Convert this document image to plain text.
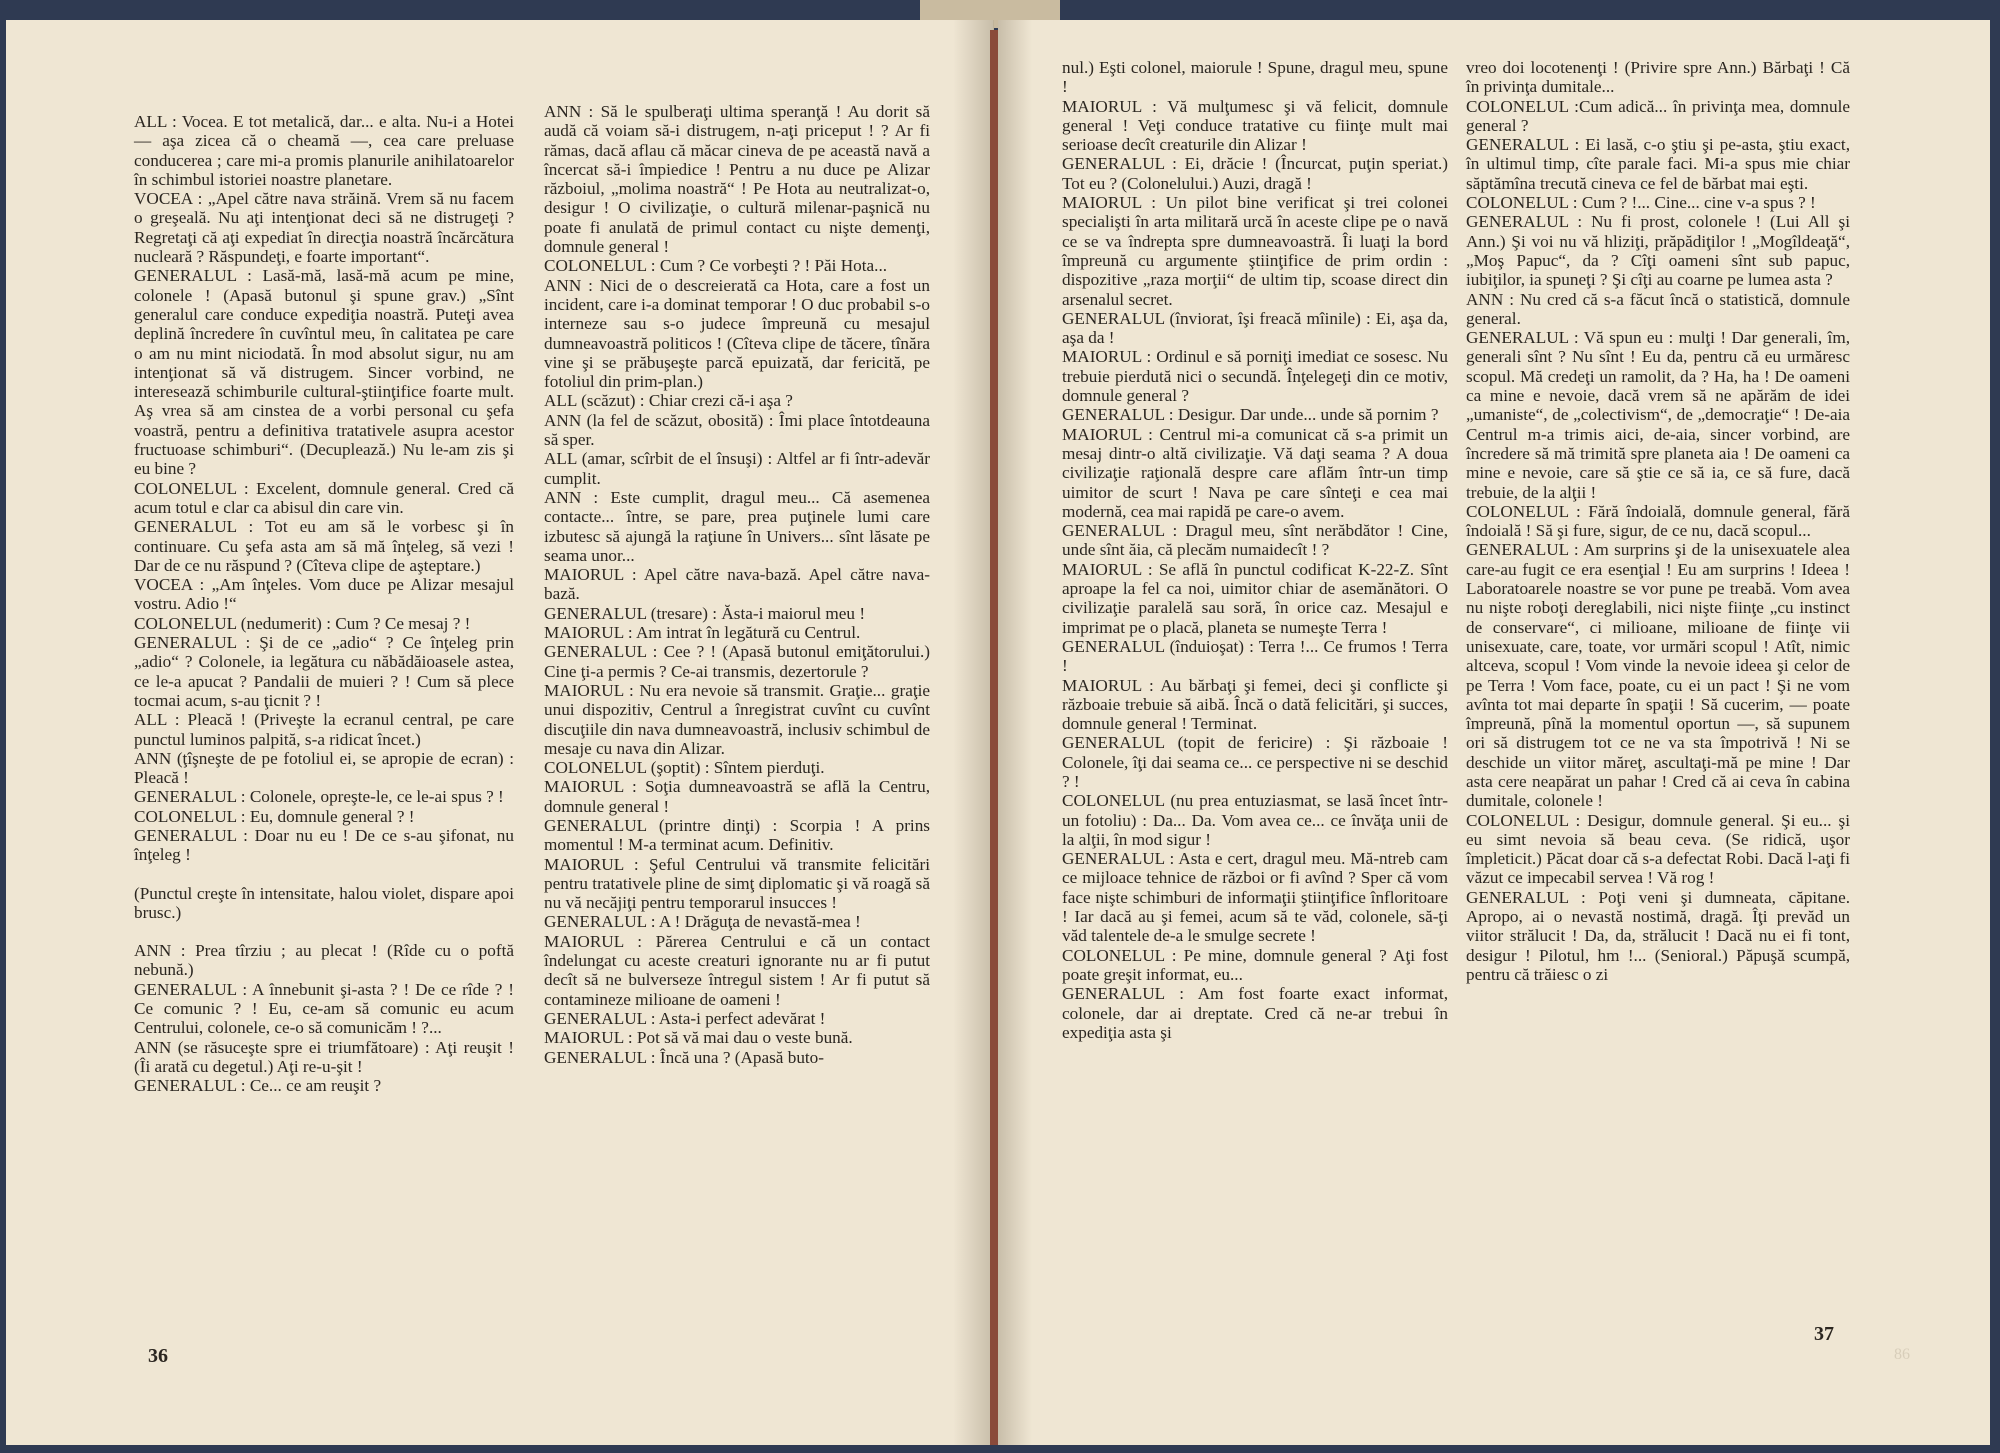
ALL : Vocea. E tot metalică, dar... e alta. Nu-i a Hotei — aşa zicea că o cheamă —, cea care preluase conducerea ; care mi-a promis planurile anihilatoarelor în schimbul istoriei noastre planetare.

VOCEA : „Apel către nava străină. Vrem să nu facem o greşeală. Nu aţi intenţionat deci să ne distrugeţi ? Regretaţi că aţi expediat în direcţia noastră încărcătura nucleară ? Răspundeţi, e foarte important“.

GENERALUL : Lasă-mă, lasă-mă acum pe mine, colonele ! (Apasă butonul şi spune grav.) „Sînt generalul care conduce expediţia noastră. Puteţi avea deplină încredere în cuvîntul meu, în calitatea pe care o am nu mint niciodată. În mod absolut sigur, nu am intenţionat să vă distrugem. Sincer vorbind, ne interesează schimburile cultural-ştiinţifice foarte mult. Aş vrea să am cinstea de a vorbi personal cu şefa voastră, pentru a definitiva tratativele asupra acestor fructuoase schimburi“. (Decuplează.) Nu le-am zis şi eu bine ?

COLONELUL : Excelent, domnule general. Cred că acum totul e clar ca abisul din care vin.

GENERALUL : Tot eu am să le vorbesc şi în continuare. Cu şefa asta am să mă înţeleg, să vezi ! Dar de ce nu răspund ? (Cîteva clipe de aşteptare.)

VOCEA : „Am înţeles. Vom duce pe Alizar mesajul vostru. Adio !“

COLONELUL (nedumerit) : Cum ? Ce mesaj ? !

GENERALUL : Şi de ce „adio“ ? Ce înţeleg prin „adio“ ? Colonele, ia legătura cu năbădăioasele astea, ce le-a apucat ? Pandalii de muieri ? ! Cum să plece tocmai acum, s-au ţicnit ? !

ALL : Pleacă ! (Priveşte la ecranul central, pe care punctul luminos palpită, s-a ridicat încet.)

ANN (ţîşneşte de pe fotoliul ei, se apropie de ecran) : Pleacă !

GENERALUL : Colonele, opreşte-le, ce le-ai spus ? !

COLONELUL : Eu, domnule general ? !

GENERALUL : Doar nu eu ! De ce s-au şifonat, nu înţeleg !

(Punctul creşte în intensitate, halou violet, dispare apoi brusc.)

ANN : Prea tîrziu ; au plecat ! (Rîde cu o poftă nebună.)

GENERALUL : A înnebunit şi-asta ? ! De ce rîde ? ! Ce comunic ? ! Eu, ce-am să comunic eu acum Centrului, colonele, ce-o să comunicăm ! ?...

ANN (se răsuceşte spre ei triumfătoare) : Aţi reuşit ! (Îi arată cu degetul.) Aţi re-u-şit !

GENERALUL : Ce... ce am reuşit ?

ANN : Să le spulberaţi ultima speranţă ! Au dorit să audă că voiam să-i distrugem, n-aţi priceput ! ? Ar fi rămas, dacă aflau că măcar cineva de pe această navă a încercat să-i împiedice ! Pentru a nu duce pe Alizar războiul, „molima noastră“ ! Pe Hota au neutralizat-o, desigur ! O civilizaţie, o cultură milenar-paşnică nu poate fi anulată de primul contact cu nişte demenţi, domnule general !

COLONELUL : Cum ? Ce vorbeşti ? ! Păi Hota...

ANN : Nici de o descreierată ca Hota, care a fost un incident, care i-a dominat temporar ! O duc probabil s-o interneze sau s-o judece împreună cu mesajul dumneavoastră politicos ! (Cîteva clipe de tăcere, tînăra vine şi se prăbuşeşte parcă epuizată, dar fericită, pe fotoliul din prim-plan.)

ALL (scăzut) : Chiar crezi că-i aşa ?

ANN (la fel de scăzut, obosită) : Îmi place întotdeauna să sper.

ALL (amar, scîrbit de el însuşi) : Altfel ar fi într-adevăr cumplit.

ANN : Este cumplit, dragul meu... Că asemenea contacte... între, se pare, prea puţinele lumi care izbutesc să ajungă la raţiune în Univers... sînt lăsate pe seama unor...

MAIORUL : Apel către nava-bază. Apel către nava-bază.

GENERALUL (tresare) : Ăsta-i maiorul meu !

MAIORUL : Am intrat în legătură cu Centrul.

GENERALUL : Cee ? ! (Apasă butonul emiţătorului.) Cine ţi-a permis ? Ce-ai transmis, dezertorule ?

MAIORUL : Nu era nevoie să transmit. Graţie... graţie unui dispozitiv, Centrul a înregistrat cuvînt cu cuvînt discuţiile din nava dumneavoastră, inclusiv schimbul de mesaje cu nava din Alizar.

COLONELUL (şoptit) : Sîntem pierduţi.

MAIORUL : Soţia dumneavoastră se află la Centru, domnule general !

GENERALUL (printre dinţi) : Scorpia ! A prins momentul ! M-a terminat acum. Definitiv.

MAIORUL : Şeful Centrului vă transmite felicitări pentru tratativele pline de simţ diplomatic şi vă roagă să nu vă necăjiţi pentru temporarul insucces !

GENERALUL : A ! Drăguţa de nevastă-mea !

MAIORUL : Părerea Centrului e că un contact îndelungat cu aceste creaturi ignorante nu ar fi putut decît să ne bulverseze întregul sistem ! Ar fi putut să contamineze milioane de oameni !

GENERALUL : Asta-i perfect adevărat !

MAIORUL : Pot să vă mai dau o veste bună.

GENERALUL : Încă una ? (Apasă buto-

36

nul.) Eşti colonel, maiorule ! Spune, dragul meu, spune !

MAIORUL : Vă mulţumesc şi vă felicit, domnule general ! Veţi conduce tratative cu fiinţe mult mai serioase decît creaturile din Alizar !

GENERALUL : Ei, drăcie ! (Încurcat, puţin speriat.) Tot eu ? (Colonelului.) Auzi, dragă !

MAIORUL : Un pilot bine verificat şi trei colonei specialişti în arta militară urcă în aceste clipe pe o navă ce se va îndrepta spre dumneavoastră. Îi luaţi la bord împreună cu argumente ştiinţifice de prim ordin : dispozitive „raza morţii“ de ultim tip, scoase direct din arsenalul secret.

GENERALUL (înviorat, îşi freacă mîinile) : Ei, aşa da, aşa da !

MAIORUL : Ordinul e să porniţi imediat ce sosesc. Nu trebuie pierdută nici o secundă. Înţelegeţi din ce motiv, domnule general ?

GENERALUL : Desigur. Dar unde... unde să pornim ?

MAIORUL : Centrul mi-a comunicat că s-a primit un mesaj dintr-o altă civilizaţie. Vă daţi seama ? A doua civilizaţie raţională despre care aflăm într-un timp uimitor de scurt ! Nava pe care sînteţi e cea mai modernă, cea mai rapidă pe care-o avem.

GENERALUL : Dragul meu, sînt nerăbdător ! Cine, unde sînt ăia, că plecăm numaidecît ! ?

MAIORUL : Se află în punctul codificat K-22-Z. Sînt aproape la fel ca noi, uimitor chiar de asemănători. O civilizaţie paralelă sau soră, în orice caz. Mesajul e imprimat pe o placă, planeta se numeşte Terra !

GENERALUL (înduioşat) : Terra !... Ce frumos ! Terra !

MAIORUL : Au bărbaţi şi femei, deci şi conflicte şi războaie trebuie să aibă. Încă o dată felicitări, şi succes, domnule general ! Terminat.

GENERALUL (topit de fericire) : Şi războaie ! Colonele, îţi dai seama ce... ce perspective ni se deschid ? !

COLONELUL (nu prea entuziasmat, se lasă încet într-un fotoliu) : Da... Da. Vom avea ce... ce învăţa unii de la alţii, în mod sigur !

GENERALUL : Asta e cert, dragul meu. Mă-ntreb cam ce mijloace tehnice de război or fi avînd ? Sper că vom face nişte schimburi de informaţii ştiinţifice înfloritoare ! Iar dacă au şi femei, acum să te văd, colonele, să-ţi văd talentele de-a le smulge secrete !

COLONELUL : Pe mine, domnule general ? Aţi fost poate greşit informat, eu...

GENERALUL : Am fost foarte exact informat, colonele, dar ai dreptate. Cred că ne-ar trebui în expediţia asta şi

vreo doi locotenenţi ! (Privire spre Ann.) Bărbaţi ! Că în privinţa dumitale...

COLONELUL :Cum adică... în privinţa mea, domnule general ?

GENERALUL : Ei lasă, c-o ştiu şi pe-asta, ştiu exact, în ultimul timp, cîte parale faci. Mi-a spus mie chiar săptămîna trecută cineva ce fel de bărbat mai eşti.

COLONELUL : Cum ? !... Cine... cine v-a spus ? !

GENERALUL : Nu fi prost, colonele ! (Lui All şi Ann.) Şi voi nu vă hliziţi, prăpădiţilor ! „Mogîldeaţă“, „Moş Papuc“, da ? Cîţi oameni sînt sub papuc, iubiţilor, ia spuneţi ? Şi cîţi au coarne pe lumea asta ?

ANN : Nu cred că s-a făcut încă o statistică, domnule general.

GENERALUL : Vă spun eu : mulţi ! Dar generali, îm, generali sînt ? Nu sînt ! Eu da, pentru că eu urmăresc scopul. Mă credeţi un ramolit, da ? Ha, ha ! De oameni ca mine e nevoie, dacă vrem să ne apărăm de idei „umaniste“, de „colectivism“, de „democraţie“ ! De-aia Centrul m-a trimis aici, de-aia, sincer vorbind, are încredere să mă trimită spre planeta aia ! De oameni ca mine e nevoie, care să ştie ce să ia, ce să fure, dacă trebuie, de la alţii !

COLONELUL : Fără îndoială, domnule general, fără îndoială ! Să şi fure, sigur, de ce nu, dacă scopul...

GENERALUL : Am surprins şi de la unisexuatele alea care-au fugit ce era esenţial ! Eu am surprins ! Ideea ! Laboratoarele noastre se vor pune pe treabă. Vom avea nu nişte roboţi dereglabili, nici nişte fiinţe „cu instinct de conservare“, ci milioane, milioane de fiinţe vii unisexuate, care, toate, vor urmări scopul ! Atît, nimic altceva, scopul ! Vom vinde la nevoie ideea şi celor de pe Terra ! Vom face, poate, cu ei un pact ! Şi ne vom avînta tot mai departe în spaţii ! Să cucerim, — poate împreună, pînă la momentul oportun —, să supunem ori să distrugem tot ce ne va sta împotrivă ! Ni se deschide un viitor măreţ, ascultaţi-mă pe mine ! Dar asta cere neapărat un pahar ! Cred că ai ceva în cabina dumitale, colonele !

COLONELUL : Desigur, domnule general. Şi eu... şi eu simt nevoia să beau ceva. (Se ridică, uşor împleticit.) Păcat doar că s-a defectat Robi. Dacă l-aţi fi văzut ce impecabil servea ! Vă rog !

GENERALUL : Poţi veni şi dumneata, căpitane. Apropo, ai o nevastă nostimă, dragă. Îţi prevăd un viitor strălucit ! Da, da, strălucit ! Dacă nu ei fi tont, desigur ! Pilotul, hm !... (Senioral.) Păpuşă scumpă, pentru că trăiesc o zi

37
86
